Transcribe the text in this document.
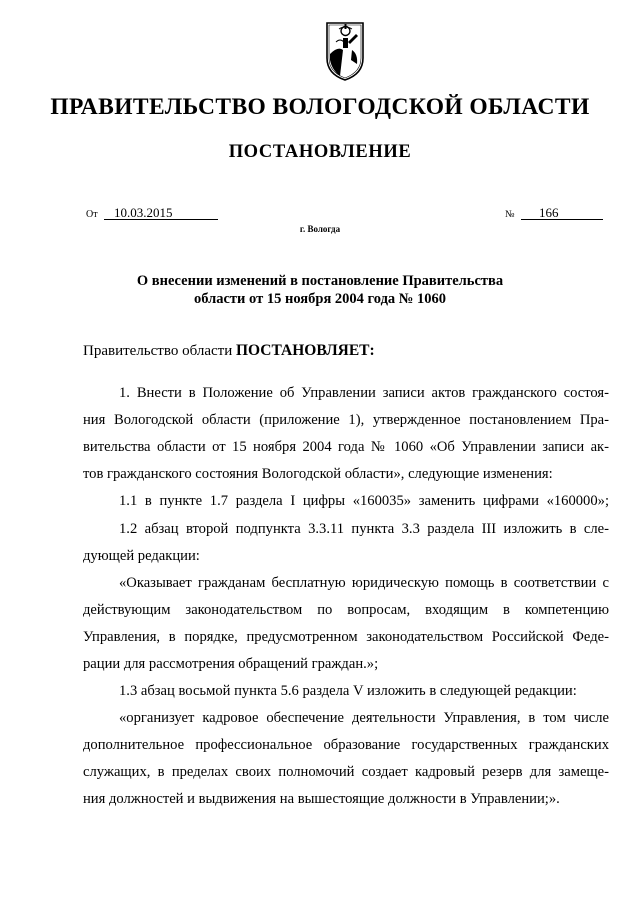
ПРАВИТЕЛЬСТВО ВОЛОГОДСКОЙ ОБЛАСТИ
ПОСТАНОВЛЕНИЕ
От	10.03.2015	№	166
г. Вологда
О внесении изменений в постановление Правительства
области от 15 ноября 2004 года № 1060
Правительство области ПОСТАНОВЛЯЕТ:
1. Внести в Положение об Управлении записи актов гражданского состоя-
ния Вологодской области (приложение 1), утвержденное постановлением Пра-
вительства области от 15 ноября 2004 года № 1060 «Об Управлении записи ак-
тов гражданского состояния Вологодской области», следующие изменения:
1.1 в пункте 1.7 раздела I цифры «160035» заменить цифрами «160000»;
1.2 абзац второй подпункта 3.3.11 пункта 3.3 раздела III изложить в сле-
дующей редакции:
«Оказывает гражданам бесплатную юридическую помощь в соответствии с
действующим законодательством по вопросам, входящим в компетенцию
Управления, в порядке, предусмотренном законодательством Российской Феде-
рации для рассмотрения обращений граждан.»;
1.3 абзац восьмой пункта 5.6 раздела V изложить в следующей редакции:
«организует кадровое обеспечение деятельности Управления, в том числе
дополнительное профессиональное образование государственных гражданских
служащих, в пределах своих полномочий создает кадровый резерв для замеще-
ния должностей и выдвижения на вышестоящие должности в Управлении;».
